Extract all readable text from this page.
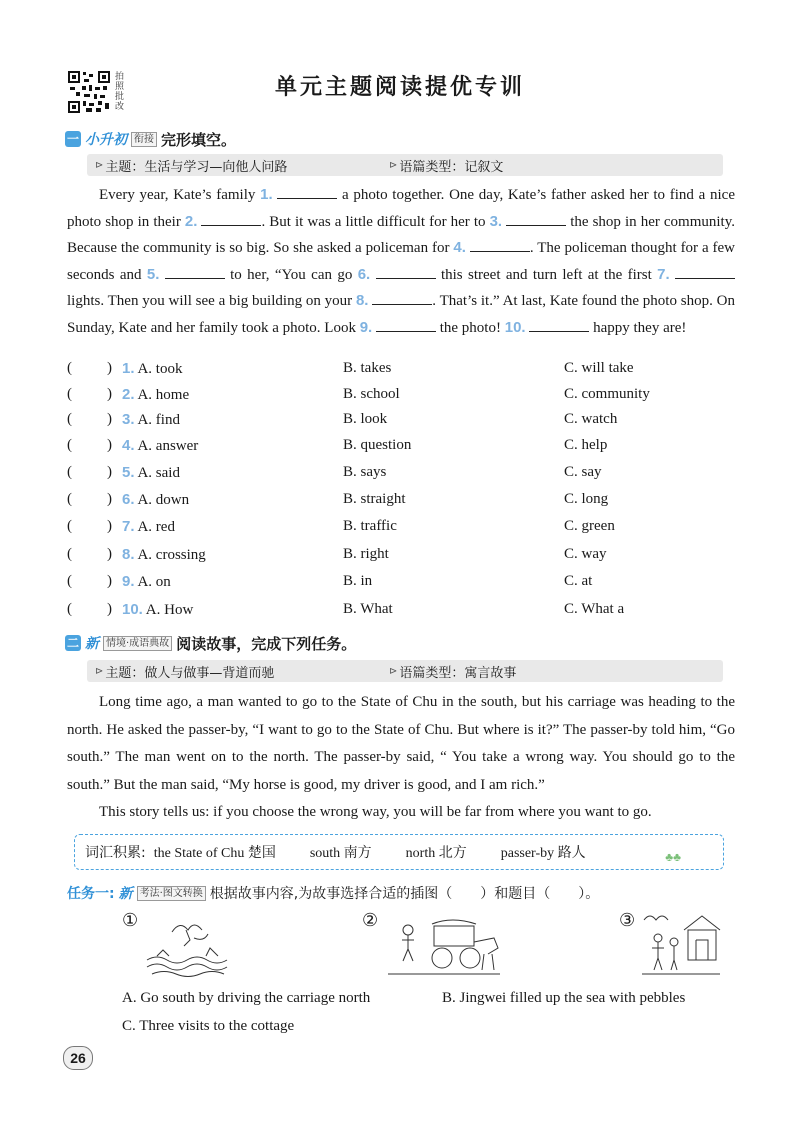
拍照批改
单元主题阅读提优专训
一 小升初 衔接 完形填空。
⊳ 主题：生活与学习—向他人问路	⊳ 语篇类型：记叙文

Every year, Kate’s family 1.	a photo together. One day, Kate’s father asked her to find a nice photo shop in their 2.	. But it was a little difficult for her to 3.	the shop in her community. Because the community is so big. So she asked a policeman for 4.	. The policeman thought for a few seconds and 5.	to her, “You can go 6.	this street and turn left at the first 7.  lights. Then you will see a big building on your 8.	. That’s it.” At last, Kate found the photo shop. On Sunday, Kate and her family took a photo. Look 9.	the photo! 10.	happy they are!

( ) 1. A. took	B. takes	C. will take
( ) 2. A. home	B. school	C. community
( ) 3. A. find	B. look	C. watch
( ) 4. A. answer	B. question	C. help
( ) 5. A. said	B. says	C. say
( ) 6. A. down	B. straight	C. long
( ) 7. A. red	B. traffic	C. green
( ) 8. A. crossing	B. right	C. way
( ) 9. A. on	B. in	C. at
( ) 10. A. How	B. What	C. What a
二 新 情境·成语典故 阅读故事，完成下列任务。
⊳ 主题：做人与做事—背道而驰	⊳ 语篇类型：寓言故事

Long time ago, a man wanted to go to the State of Chu in the south, but his carriage was heading to the north. He asked the passer-by, “I want to go to the State of Chu. But where is it?” The passer-by told him, “Go south.” The man went on to the north. The passer-by said, “ You take a wrong way. You should go to the south.” But the man said, “My horse is good, my driver is good, and I am rich.”

This story tells us: if you choose the wrong way, you will be far from where you want to go.

词汇积累: the State of Chu 楚国 south 南方 north 北方 passer-by 路人	♣♣
任务一: 新 考法·图文转换 根据故事内容,为故事选择合适的插图（　　）和题目（　　）。
①	②	③
A. Go south by driving the carriage north	B. Jingwei filled up the sea with pebbles
C. Three visits to the cottage
26
